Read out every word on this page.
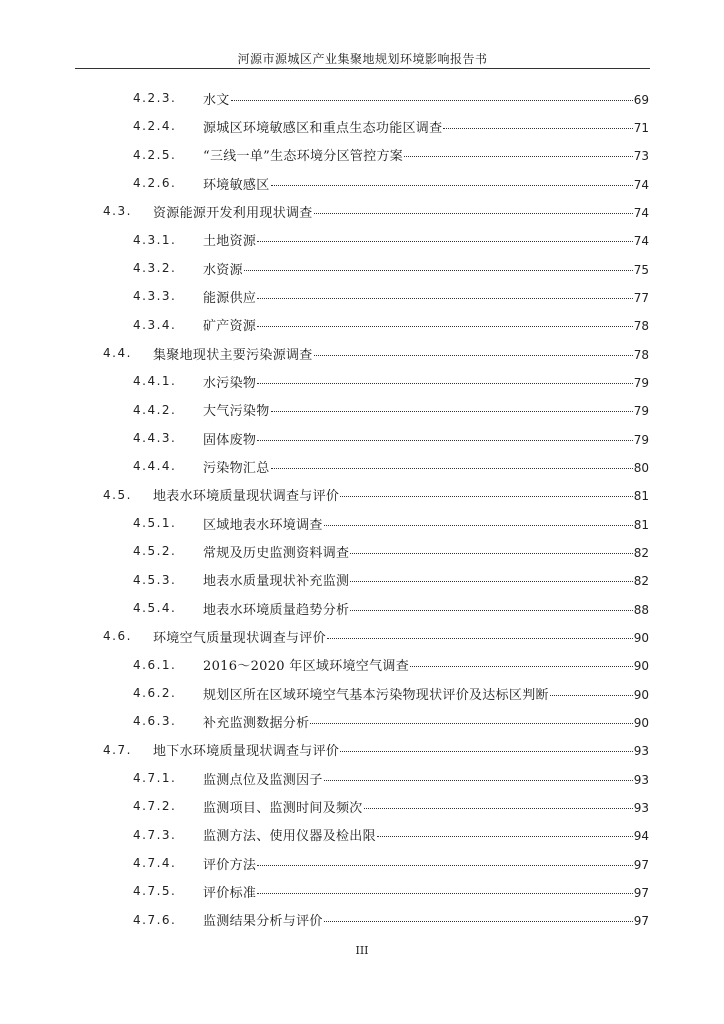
河源市源城区产业集聚地规划环境影响报告书
4.2.3.	水文	69
4.2.4.	源城区环境敏感区和重点生态功能区调查	71
4.2.5.	“三线一单”生态环境分区管控方案	73
4.2.6.	环境敏感区	74
4.3.	资源能源开发利用现状调查	74
4.3.1.	土地资源	74
4.3.2.	水资源	75
4.3.3.	能源供应	77
4.3.4.	矿产资源	78
4.4.	集聚地现状主要污染源调查	78
4.4.1.	水污染物	79
4.4.2.	大气污染物	79
4.4.3.	固体废物	79
4.4.4.	污染物汇总	80
4.5.	地表水环境质量现状调查与评价	81
4.5.1.	区域地表水环境调查	81
4.5.2.	常规及历史监测资料调查	82
4.5.3.	地表水质量现状补充监测	82
4.5.4.	地表水环境质量趋势分析	88
4.6.	环境空气质量现状调查与评价	90
4.6.1.	2016～2020 年区域环境空气调查	90
4.6.2.	规划区所在区域环境空气基本污染物现状评价及达标区判断	90
4.6.3.	补充监测数据分析	90
4.7.	地下水环境质量现状调查与评价	93
4.7.1.	监测点位及监测因子	93
4.7.2.	监测项目、监测时间及频次	93
4.7.3.	监测方法、使用仪器及检出限	94
4.7.4.	评价方法	97
4.7.5.	评价标准	97
4.7.6.	监测结果分析与评价	97
III
